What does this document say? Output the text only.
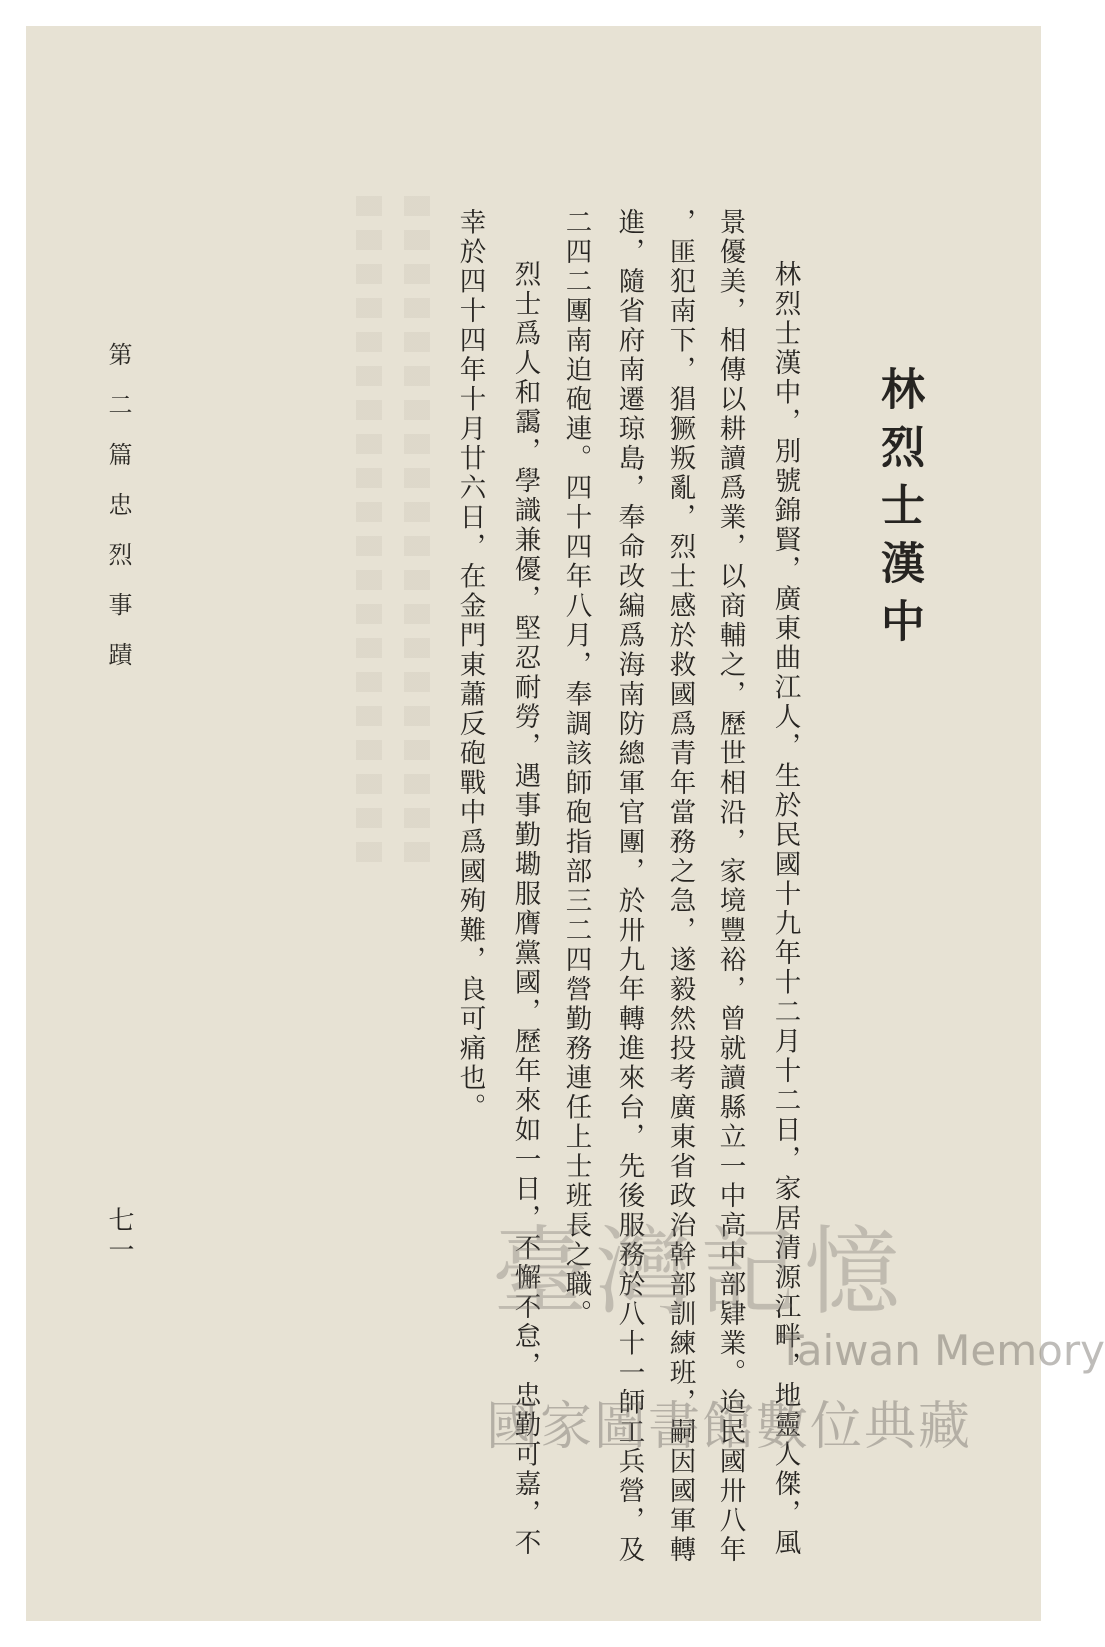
林烈士漢中

林烈士漢中，別號錦賢，廣東曲江人，生於民國十九年十二月十二日，家居清源江畔，地靈人傑，風

景優美，相傳以耕讀爲業，以商輔之，歷世相沿，家境豐裕，曾就讀縣立一中高中部肄業。迨民國卅八年

，匪犯南下，猖獗叛亂，烈士感於救國爲青年當務之急，遂毅然投考廣東省政治幹部訓練班，嗣因國軍轉

進，隨省府南遷琼島，奉命改編爲海南防總軍官團，於卅九年轉進來台，先後服務於八十一師工兵營，及

二四二團南迫砲連。四十四年八月，奉調該師砲指部三二四營勤務連任上士班長之職。

烈士爲人和靄，學識兼優，堅忍耐勞，遇事勤墈服膺黨國，歷年來如一日，不懈不怠，忠勤可嘉，不

幸於四十四年十月廿六日，在金門東蕭反砲戰中爲國殉難，良可痛也。

第二篇忠烈事蹟
七一	臺灣記憶
Taiwan Memory
國家圖書館數位典藏
